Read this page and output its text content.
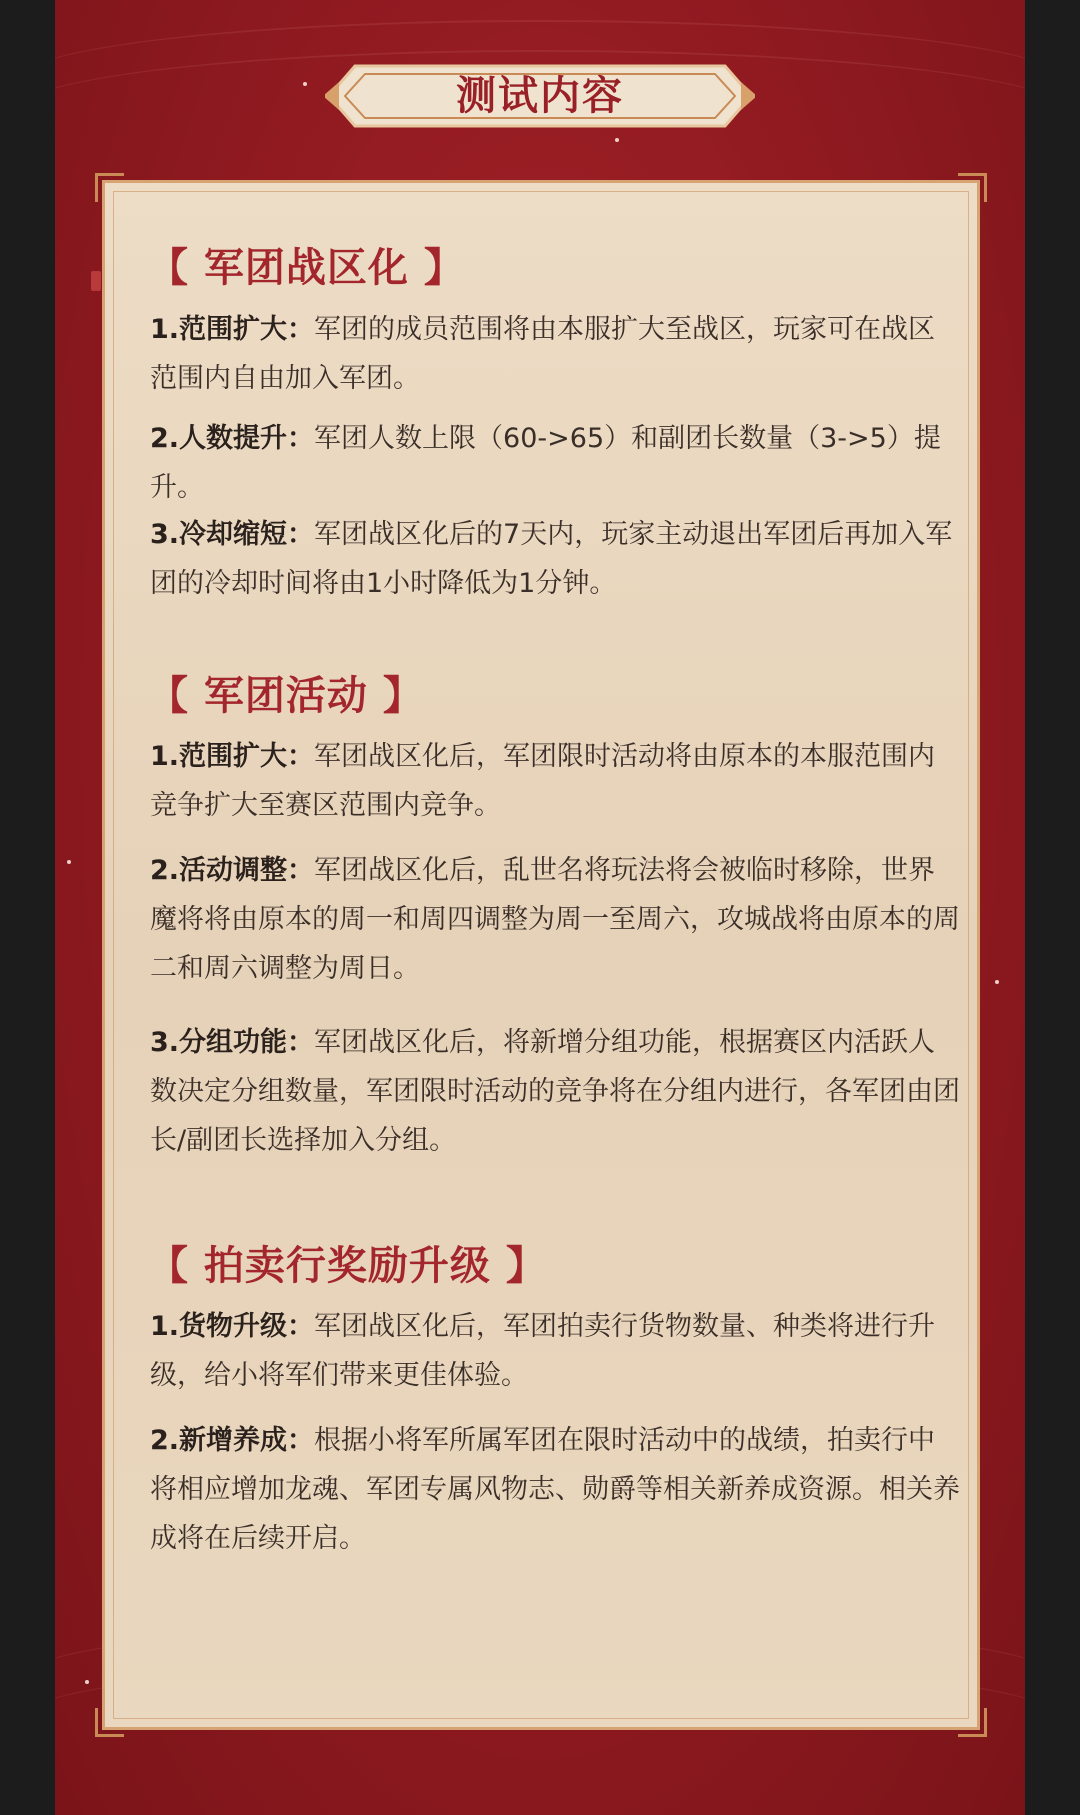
测试内容
【 军团战区化 】
1.范围扩大：军团的成员范围将由本服扩大至战区，玩家可在战区范围内自由加入军团。
2.人数提升：军团人数上限（60->65）和副团长数量（3->5）提升。
3.冷却缩短：军团战区化后的7天内，玩家主动退出军团后再加入军团的冷却时间将由1小时降低为1分钟。
【 军团活动 】
1.范围扩大：军团战区化后，军团限时活动将由原本的本服范围内竞争扩大至赛区范围内竞争。
2.活动调整：军团战区化后，乱世名将玩法将会被临时移除，世界魔将将由原本的周一和周四调整为周一至周六，攻城战将由原本的周二和周六调整为周日。
3.分组功能：军团战区化后，将新增分组功能，根据赛区内活跃人数决定分组数量，军团限时活动的竞争将在分组内进行，各军团由团长/副团长选择加入分组。
【 拍卖行奖励升级 】
1.货物升级：军团战区化后，军团拍卖行货物数量、种类将进行升级，给小将军们带来更佳体验。
2.新增养成：根据小将军所属军团在限时活动中的战绩，拍卖行中将相应增加龙魂、军团专属风物志、勋爵等相关新养成资源。相关养成将在后续开启。
